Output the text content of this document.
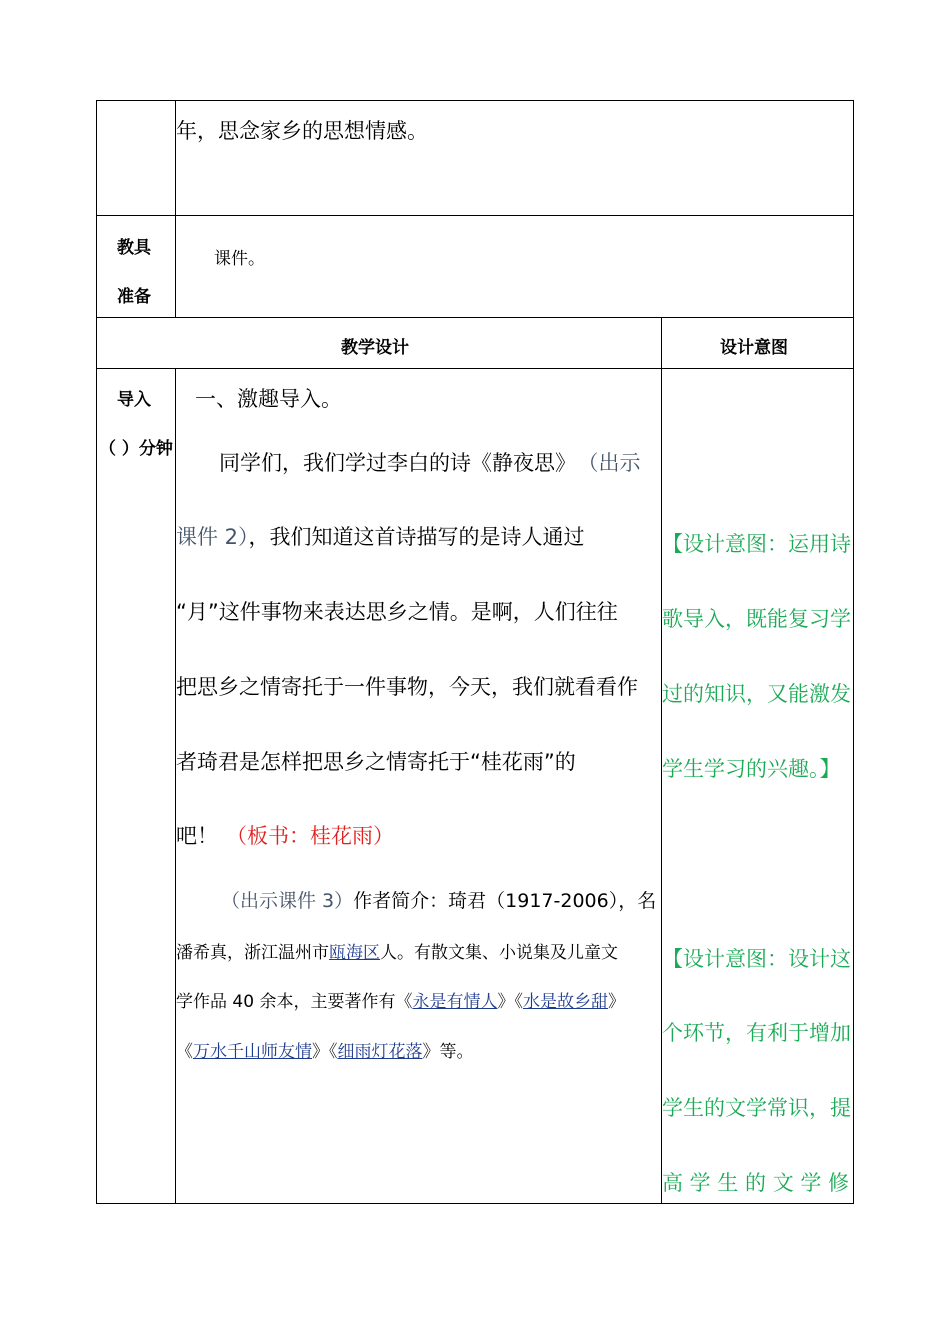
年，思念家乡的思想情感。
教具
准备
课件。
教学设计	设计意图
导入
（ ）分钟
一、激趣导入。
同学们，我们学过李白的诗《静夜思》 （出示
课件 2），我们知道这首诗描写的是诗人通过
“月”这件事物来表达思乡之情。是啊，人们往往
把思乡之情寄托于一件事物，今天，我们就看看作
者琦君是怎样把思乡之情寄托于“桂花雨”的
吧！ （板书：桂花雨）
（出示课件 3）作者简介：琦君（1917-2006），名
潘希真，浙江温州市瓯海区人。有散文集、小说集及儿童文
学作品 40 余本，主要著作有《永是有情人》《水是故乡甜》
《万水千山师友情》《细雨灯花落》等。
【设计意图：运用诗
歌导入，既能复习学
过的知识，又能激发
学生学习的兴趣。】
【设计意图：设计这
个环节，有利于增加
学生的文学常识，提
高 学 生 的 文 学 修
